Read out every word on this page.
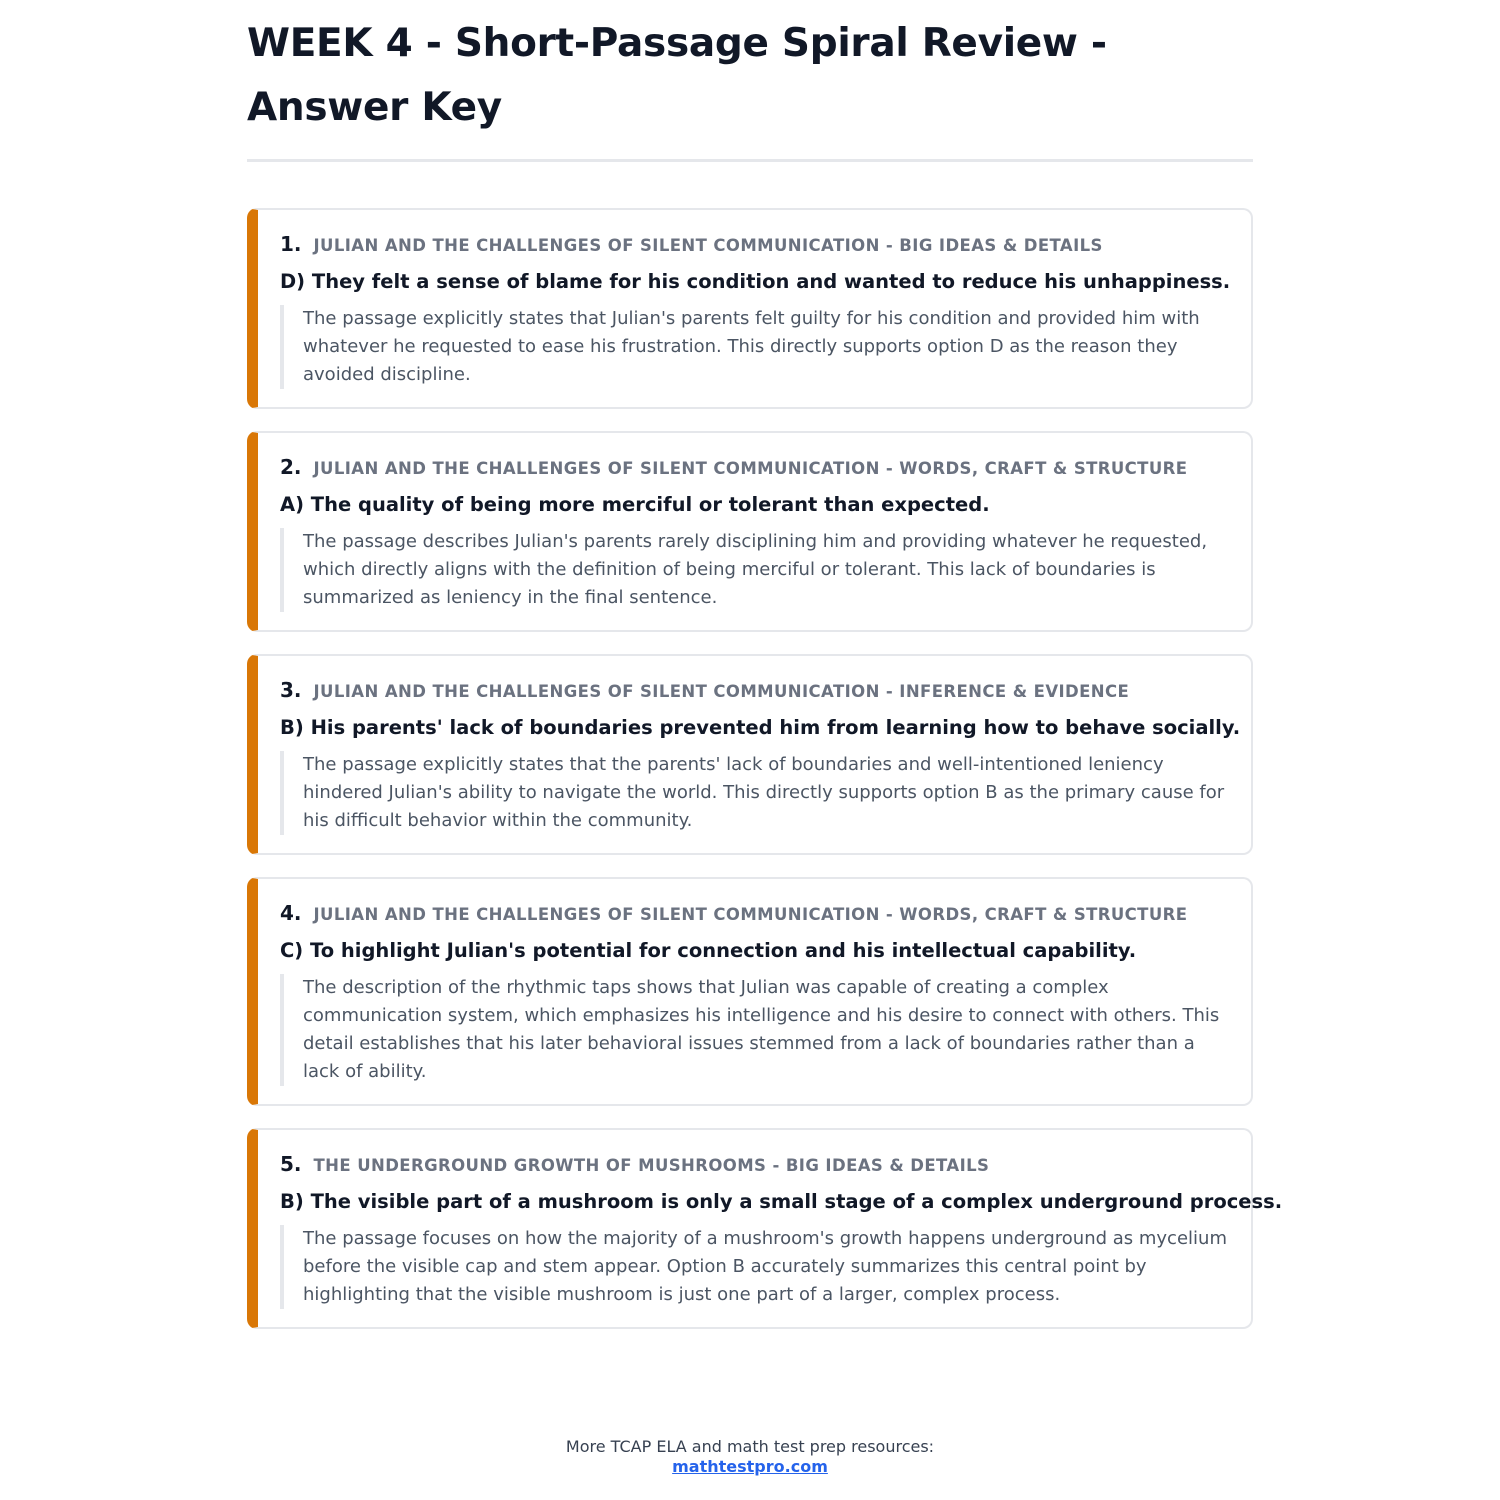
WEEK 4 - Short-Passage Spiral Review - Answer Key
1. JULIAN AND THE CHALLENGES OF SILENT COMMUNICATION - BIG IDEAS & DETAILS
D) They felt a sense of blame for his condition and wanted to reduce his unhappiness.
The passage explicitly states that Julian's parents felt guilty for his condition and provided him with whatever he requested to ease his frustration. This directly supports option D as the reason they avoided discipline.
2. JULIAN AND THE CHALLENGES OF SILENT COMMUNICATION - WORDS, CRAFT & STRUCTURE
A) The quality of being more merciful or tolerant than expected.
The passage describes Julian's parents rarely disciplining him and providing whatever he requested, which directly aligns with the definition of being merciful or tolerant. This lack of boundaries is summarized as leniency in the final sentence.
3. JULIAN AND THE CHALLENGES OF SILENT COMMUNICATION - INFERENCE & EVIDENCE
B) His parents' lack of boundaries prevented him from learning how to behave socially.
The passage explicitly states that the parents' lack of boundaries and well-intentioned leniency hindered Julian's ability to navigate the world. This directly supports option B as the primary cause for his difficult behavior within the community.
4. JULIAN AND THE CHALLENGES OF SILENT COMMUNICATION - WORDS, CRAFT & STRUCTURE
C) To highlight Julian's potential for connection and his intellectual capability.
The description of the rhythmic taps shows that Julian was capable of creating a complex communication system, which emphasizes his intelligence and his desire to connect with others. This detail establishes that his later behavioral issues stemmed from a lack of boundaries rather than a lack of ability.
5. THE UNDERGROUND GROWTH OF MUSHROOMS - BIG IDEAS & DETAILS
B) The visible part of a mushroom is only a small stage of a complex underground process.
The passage focuses on how the majority of a mushroom's growth happens underground as mycelium before the visible cap and stem appear. Option B accurately summarizes this central point by highlighting that the visible mushroom is just one part of a larger, complex process.
More TCAP ELA and math test prep resources:
mathtestpro.com
